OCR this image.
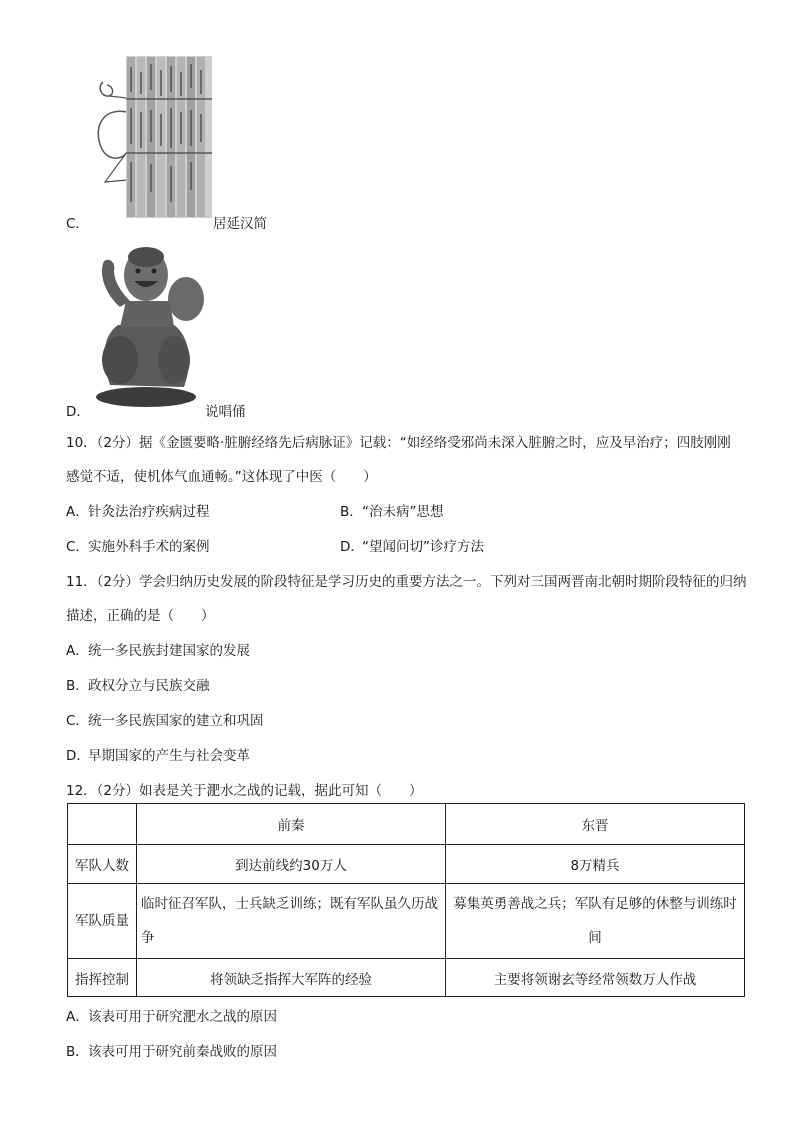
C．	居延汉简
D．	说唱俑
10．（2分）据《金匮要略·脏腑经络先后病脉证》记载：“如经络受邪尚未深入脏腑之时，应及早治疗；四肢刚刚
感觉不适，使机体气血通畅。”这体现了中医（　　）
A．针灸法治疗疾病过程	B．“治未病”思想
C．实施外科手术的案例	D．“望闻问切”诊疗方法
11．（2分）学会归纳历史发展的阶段特征是学习历史的重要方法之一。下列对三国两晋南北朝时期阶段特征的归纳
描述，正确的是（　　）
A．统一多民族封建国家的发展
B．政权分立与民族交融
C．统一多民族国家的建立和巩固
D．早期国家的产生与社会变革
12．（2分）如表是关于淝水之战的记载，据此可知（　　）
	前秦	东晋
军队人数	到达前线约30万人	8万精兵
军队质量	临时征召军队，士兵缺乏训练；既有军队虽久历战争	募集英勇善战之兵；军队有足够的休整与训练时间
指挥控制	将领缺乏指挥大军阵的经验	主要将领谢玄等经常领数万人作战
A．该表可用于研究淝水之战的原因
B．该表可用于研究前秦战败的原因
